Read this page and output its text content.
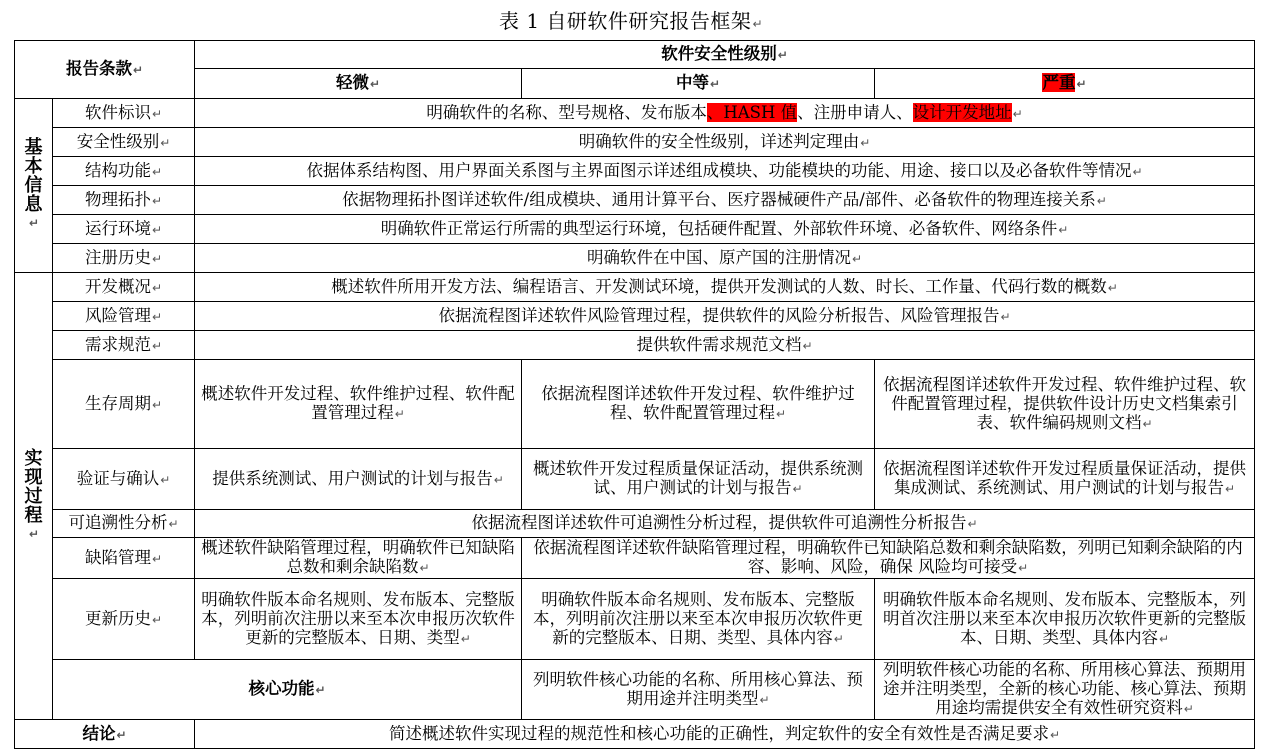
表 1 自研软件研究报告框架↵
报告条款↵		软件安全性级别↵		
		轻微↵	中等↵	严重↵

基
本
信
息
↵	软件标识↵	明确软件的名称、型号规格、发布版本、HASH 值、注册申请人、设计开发地址↵		
	安全性级别↵	明确软件的安全性级别，详述判定理由↵		
	结构功能↵	依据体系结构图、用户界面关系图与主界面图示详述组成模块、功能模块的功能、用途、接口以及必备软件等情况↵		
	物理拓扑↵	依据物理拓扑图详述软件/组成模块、通用计算平台、医疗器械硬件产品/部件、必备软件的物理连接关系↵		
	运行环境↵	明确软件正常运行所需的典型运行环境，包括硬件配置、外部软件环境、必备软件、网络条件↵		
	注册历史↵	明确软件在中国、原产国的注册情况↵		

实
现
过
程
↵	开发概况↵	概述软件所用开发方法、编程语言、开发测试环境，提供开发测试的人数、时长、工作量、代码行数的概数↵		
	风险管理↵	依据流程图详述软件风险管理过程，提供软件的风险分析报告、风险管理报告↵		
	需求规范↵	提供软件需求规范文档↵		
	生存周期↵	概述软件开发过程、软件维护过程、软件配置管理过程↵	依据流程图详述软件开发过程、软件维护过程、软件配置管理过程↵	依据流程图详述软件开发过程、软件维护过程、软件配置管理过程，提供软件设计历史文档集索引表、软件编码规则文档↵
	验证与确认↵	提供系统测试、用户测试的计划与报告↵	概述软件开发过程质量保证活动，提供系统测试、用户测试的计划与报告↵	依据流程图详述软件开发过程质量保证活动，提供集成测试、系统测试、用户测试的计划与报告↵
	可追溯性分析↵	依据流程图详述软件可追溯性分析过程，提供软件可追溯性分析报告↵		
	缺陷管理↵	概述软件缺陷管理过程，明确软件已知缺陷总数和剩余缺陷数↵	依据流程图详述软件缺陷管理过程，明确软件已知缺陷总数和剩余缺陷数，列明已知剩余缺陷的内容、影响、风险，确保 风险均可接受↵	
	更新历史↵	明确软件版本命名规则、发布版本、完整版本，列明前次注册以来至本次申报历次软件更新的完整版本、日期、类型↵	明确软件版本命名规则、发布版本、完整版本，列明前次注册以来至本次申报历次软件更新的完整版本、日期、类型、具体内容↵	明确软件版本命名规则、发布版本、完整版本，列明首次注册以来至本次申报历次软件更新的完整版本、日期、类型、具体内容↵
	核心功能↵		列明软件核心功能的名称、所用核心算法、预期用途并注明类型↵	列明软件核心功能的名称、所用核心算法、预期用途并注明类型，全新的核心功能、核心算法、预期用途均需提供安全有效性研究资料↵
结论↵		简述概述软件实现过程的规范性和核心功能的正确性，判定软件的安全有效性是否满足要求↵		
